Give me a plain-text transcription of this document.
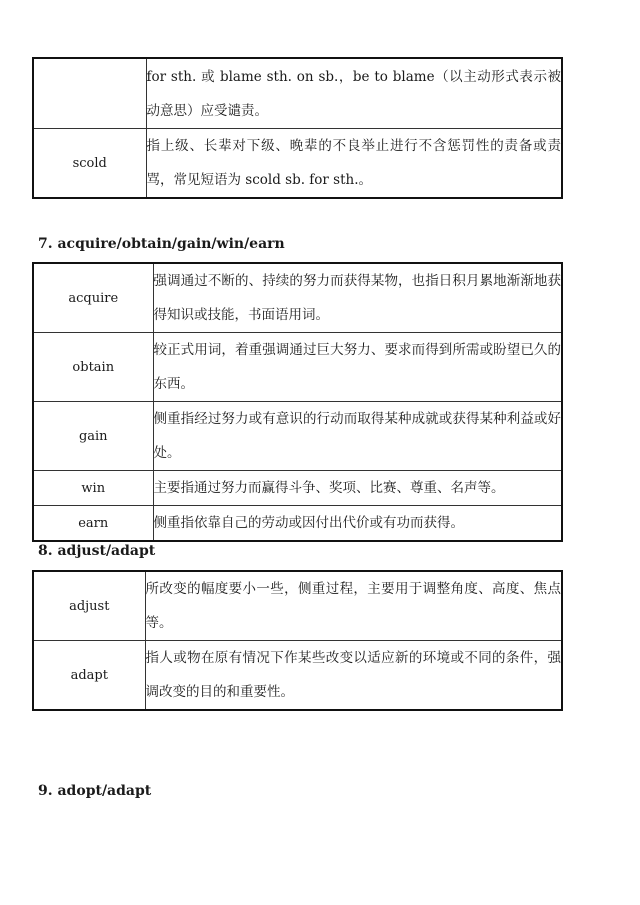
	for sth. 或 blame sth. on sb.，be to blame（以主动形式表示被动意思）应受谴责。
scold	指上级、长辈对下级、晚辈的不良举止进行不含惩罚性的责备或责骂，常见短语为 scold sb. for sth.。
7. acquire/obtain/gain/win/earn
acquire	强调通过不断的、持续的努力而获得某物，也指日积月累地渐渐地获得知识或技能，书面语用词。
obtain	较正式用词，着重强调通过巨大努力、要求而得到所需或盼望已久的东西。
gain	侧重指经过努力或有意识的行动而取得某种成就或获得某种利益或好处。
win	主要指通过努力而赢得斗争、奖项、比赛、尊重、名声等。
earn	侧重指依靠自己的劳动或因付出代价或有功而获得。
8. adjust/adapt
adjust	所改变的幅度要小一些，侧重过程，主要用于调整角度、高度、焦点等。
adapt	指人或物在原有情况下作某些改变以适应新的环境或不同的条件，强调改变的目的和重要性。
9. adopt/adapt
